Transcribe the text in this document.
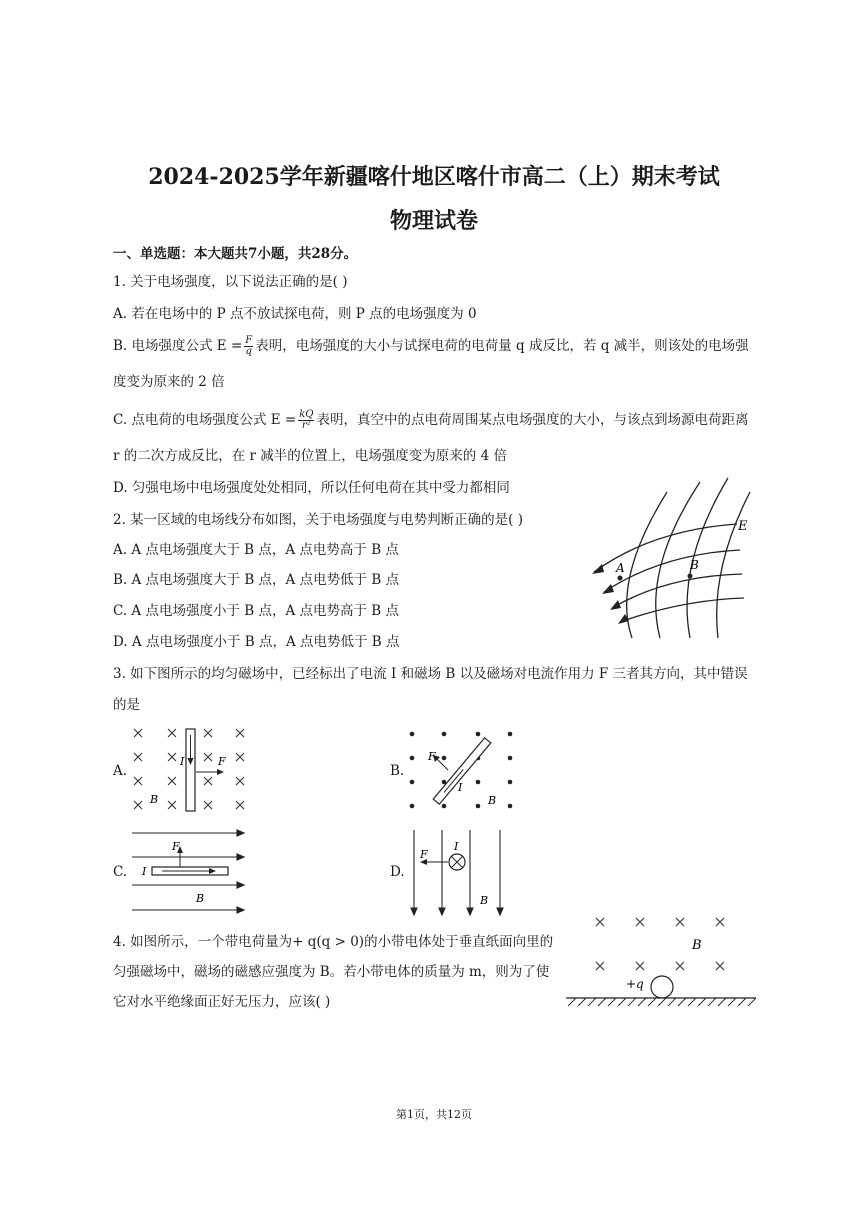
2024-2025学年新疆喀什地区喀什市高二（上）期末考试
物理试卷
一、单选题：本大题共7小题，共28分。
1. 关于电场强度，以下说法正确的是( )
A. 若在电场中的 P 点不放试探电荷，则 P 点的电场强度为 0
B. 电场强度公式 $E = \frac{F}{q}$ 表明，电场强度的大小与试探电荷的电荷量 q 成反比，若 q 减半，则该处的电场强
度变为原来的 2 倍
C. 点电荷的电场强度公式 $E = \frac{kQ}{\text{r²}}$ 表明，真空中的点电荷周围某点电场强度的大小，与该点到场源电荷距离
r 的二次方成反比，在 r 减半的位置上，电场强度变为原来的 4 倍
D. 匀强电场中电场强度处处相同，所以任何电荷在其中受力都相同
2. 某一区域的电场线分布如图，关于电场强度与电势判断正确的是( )
A. A 点电场强度大于 B 点，A 点电势高于 B 点
B. A 点电场强度大于 B 点，A 点电势低于 B 点
C. A 点电场强度小于 B 点，A 点电势高于 B 点
D. A 点电场强度小于 B 点，A 点电势低于 B 点
E
A	B
3. 如下图所示的均匀磁场中，已经标出了电流 I 和磁场 B 以及磁场对电流作用力 F 三者其方向，其中错误
的是
A.
I	F
B
B.
F
I
B
C.
F
I
B
D.
F
I
B
4. 如图所示，一个带电荷量为+ q(q > 0)的小带电体处于垂直纸面向里的
匀强磁场中，磁场的磁感应强度为 B。若小带电体的质量为 m，则为了使
它对水平绝缘面正好无压力，应该( )
B
+q
第1页，共12页
